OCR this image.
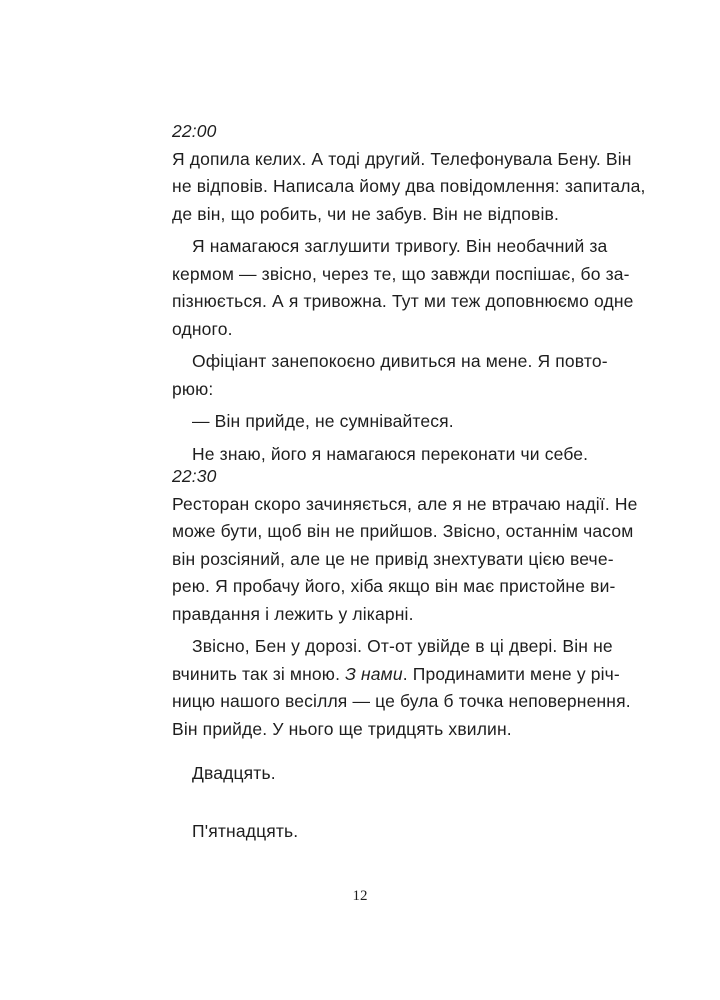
22:00
Я допила келих. А тоді другий. Телефонувала Бену. Він
не відповів. Написала йому два повідомлення: запитала,
де він, що робить, чи не забув. Він не відповів.
Я намагаюся заглушити тривогу. Він необачний за
кермом — звісно, через те, що завжди поспішає, бо за-
пізнюється. А я тривожна. Тут ми теж доповнюємо одне
одного.
Офіціант занепокоєно дивиться на мене. Я повто-
рюю:
— Він прийде, не сумнівайтеся.
Не знаю, його я намагаюся переконати чи себе.
22:30
Ресторан скоро зачиняється, але я не втрачаю надії. Не
може бути, щоб він не прийшов. Звісно, останнім часом
він розсіяний, але це не привід знехтувати цією вече-
рею. Я пробачу його, хіба якщо він має пристойне ви-
правдання і лежить у лікарні.
Звісно, Бен у дорозі. От-от увійде в ці двері. Він не
вчинить так зі мною. З нами. Продинамити мене у річ-
ницю нашого весілля — це була б точка неповернення.
Він прийде. У нього ще тридцять хвилин.
Двадцять.
П'ятнадцять.
12
